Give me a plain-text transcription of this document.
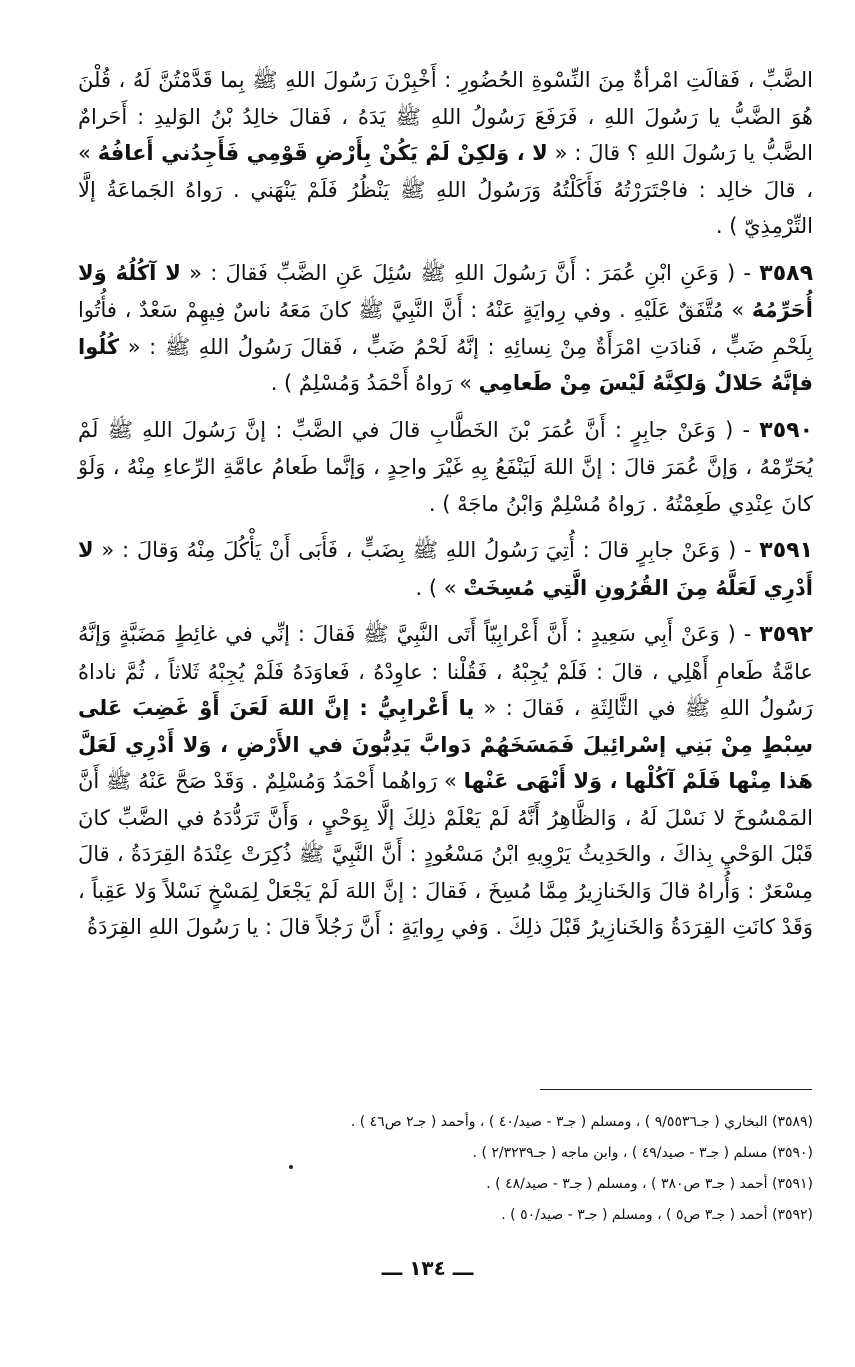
الضَّبِّ ، فَقالَتِ امْرأةٌ مِنَ النِّسْوةِ الحُضُورِ : أَخْبِرْنَ رَسُولَ اللهِ ﷺ بِما قَدَّمْتُنَّ لَهُ ، قُلْنَ هُوَ الضَّبُّ يا رَسُولَ اللهِ ، فَرَفَعَ رَسُولُ اللهِ ﷺ يَدَهُ ، فَقالَ خالِدُ بْنُ الوَليدِ : أَحَرامٌ الضَّبُّ يا رَسُولَ اللهِ ؟ قالَ : « لا ، وَلكِنْ لَمْ يَكُنْ بِأَرْضِ قَوْمِي فَأَجِدُني أَعافُهُ » ، قالَ خالِد : فاجْتَرَرْتُهُ فَأَكَلْتُهُ وَرَسُولُ اللهِ ﷺ يَنْظُرُ فَلَمْ يَنْهَني . رَواهُ الجَماعَةُ إلَّا التِّرْمِذِيّ ) .

٣٥٨٩ - ( وَعَنِ ابْنِ عُمَرَ : أَنَّ رَسُولَ اللهِ ﷺ سُئِلَ عَنِ الضَّبِّ فَقالَ : « لا آكُلُهُ وَلا أُحَرِّمُهُ » مُتَّفَقٌ عَلَيْهِ . وفي رِوايَةٍ عَنْهُ : أَنَّ النَّبِيَّ ﷺ كانَ مَعَهُ ناسٌ فِيهِمْ سَعْدٌ ، فأُتُوا بِلَحْمِ ضَبٍّ ، فَنادَتِ امْرَأَةٌ مِنْ نِسائِهِ : إنَّهُ لَحْمُ ضَبٍّ ، فَقالَ رَسُولُ اللهِ ﷺ : « كُلُوا فإنَّهُ حَلالٌ وَلكِنَّهُ لَيْسَ مِنْ طَعامِي » رَواهُ أَحْمَدُ وَمُسْلِمٌ ) .

٣٥٩٠ - ( وَعَنْ جابِرٍ : أَنَّ عُمَرَ بْنَ الخَطَّابِ قالَ في الضَّبِّ : إنَّ رَسُولَ اللهِ ﷺ لَمْ يُحَرِّمْهُ ، وَإنَّ عُمَرَ قالَ : إنَّ اللهَ لَيَنْفَعُ بِهِ غَيْرَ واحِدٍ ، وَإنَّما طَعامُ عامَّةِ الرِّعاءِ مِنْهُ ، وَلَوْ كانَ عِنْدِي طَعِمْتُهُ . رَواهُ مُسْلِمٌ وَابْنُ ماجَهْ ) .

٣٥٩١ - ( وَعَنْ جابِرٍ قالَ : أُتِيَ رَسُولُ اللهِ ﷺ بِضَبٍّ ، فَأَبَى أَنْ يَأْكُلَ مِنْهُ وَقالَ : « لا أَدْرِي لَعَلَّهُ مِنَ القُرُونِ الَّتِي مُسِخَتْ » ) .

٣٥٩٢ - ( وَعَنْ أَبِي سَعِيدٍ : أَنَّ أَعْرابِيّاً أَتَى النَّبِيَّ ﷺ فَقالَ : إنِّي في غائِطٍ مَضَبَّةٍ وَإنَّهُ عامَّةُ طَعامِ أَهْلِي ، قالَ : فَلَمْ يُجِبْهُ ، فَقُلْنا : عاوِدْهُ ، فَعاوَدَهُ فَلَمْ يُجِبْهُ ثَلاثاً ، ثُمَّ ناداهُ رَسُولُ اللهِ ﷺ في الثَّالِثَةِ ، فَقالَ : « يا أَعْرابِيُّ : إنَّ اللهَ لَعَنَ أَوْ غَضِبَ عَلى سِبْطٍ مِنْ بَنِي إسْرائِيلَ فَمَسَخَهُمْ دَوابَّ يَدِبُّونَ في الأَرْضِ ، وَلا أَدْرِي لَعَلَّ هَذا مِنْها فَلَمْ آكُلْها ، وَلا أَنْهَى عَنْها » رَواهُما أَحْمَدُ وَمُسْلِمٌ . وَقَدْ صَحَّ عَنْهُ ﷺ أَنَّ المَمْسُوخَ لا نَسْلَ لَهُ ، وَالظَّاهِرُ أَنَّهُ لَمْ يَعْلَمْ ذلِكَ إلَّا بِوَحْيٍ ، وَأَنَّ تَرَدُّدَهُ في الضَّبِّ كانَ قَبْلَ الوَحْيِ بِذاكَ ، والحَدِيثُ يَرْوِيهِ ابْنُ مَسْعُودٍ : أَنَّ النَّبِيَّ ﷺ ذُكِرَتْ عِنْدَهُ القِرَدَةُ ، قالَ مِسْعَرٌ : وَأُراهُ قالَ وَالخَنازِيرُ مِمَّا مُسِخَ ، فَقالَ : إنَّ اللهَ لَمْ يَجْعَلْ لِمَسْخٍ نَسْلاً وَلا عَقِباً ، وَقَدْ كانَتِ القِرَدَةُ وَالخَنازِيرُ قَبْلَ ذلِكَ . وَفي رِوايَةٍ : أَنَّ رَجُلاً قالَ : يا رَسُولَ اللهِ القِرَدَةُ

(٣٥٨٩) البخاري ( جـ٩/٥٥٣٦ ) ، ومسلم ( جـ٣ - صيد/٤٠ ) ، وأحمد ( جـ٢ ص٤٦ ) .

(٣٥٩٠) مسلم ( جـ٣ - صيد/٤٩ ) ، وابن ماجه ( جـ٢/٣٢٣٩ ) .

(٣٥٩١) أحمد ( جـ٣ ص٣٨٠ ) ، ومسلم ( جـ٣ - صيد/٤٨ ) .

(٣٥٩٢) أحمد ( جـ٣ ص٥ ) ، ومسلم ( جـ٣ - صيد/٥٠ ) .

ـــ ١٣٤ ـــ
